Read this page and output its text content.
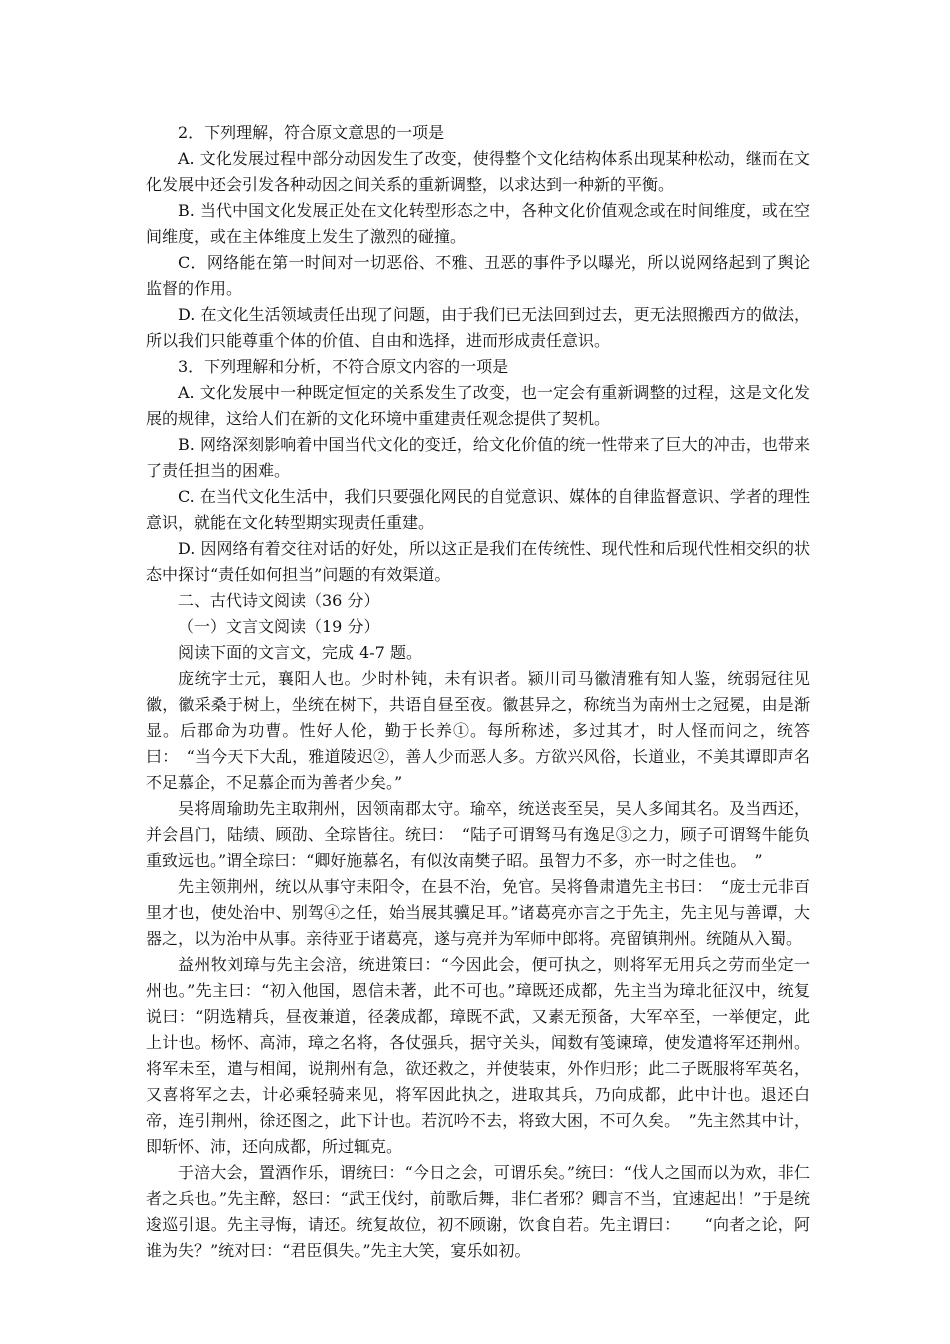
2．下列理解，符合原文意思的一项是

A. 文化发展过程中部分动因发生了改变，使得整个文化结构体系出现某种松动，继而在文化发展中还会引发各种动因之间关系的重新调整，以求达到一种新的平衡。

B. 当代中国文化发展正处在文化转型形态之中，各种文化价值观念或在时间维度，或在空间维度，或在主体维度上发生了激烈的碰撞。

C．网络能在第一时间对一切恶俗、不雅、丑恶的事件予以曝光，所以说网络起到了舆论监督的作用。

D. 在文化生活领域责任出现了问题，由于我们已无法回到过去，更无法照搬西方的做法，所以我们只能尊重个体的价值、自由和选择，进而形成责任意识。

3．下列理解和分析，不符合原文内容的一项是

A. 文化发展中一种既定恒定的关系发生了改变，也一定会有重新调整的过程，这是文化发展的规律，这给人们在新的文化环境中重建责任观念提供了契机。

B. 网络深刻影响着中国当代文化的变迁，给文化价值的统一性带来了巨大的冲击，也带来了责任担当的困难。

C. 在当代文化生活中，我们只要强化网民的自觉意识、媒体的自律监督意识、学者的理性意识，就能在文化转型期实现责任重建。

D. 因网络有着交往对话的好处，所以这正是我们在传统性、现代性和后现代性相交织的状态中探讨“责任如何担当”问题的有效渠道。

二、古代诗文阅读（36 分）

（一）文言文阅读（19 分）

阅读下面的文言文，完成 4-7 题。

庞统字士元，襄阳人也。少时朴钝，未有识者。颍川司马徽清雅有知人鉴，统弱冠往见徽，徽采桑于树上，坐统在树下，共语自昼至夜。徽甚异之，称统当为南州士之冠冕，由是渐显。后郡命为功曹。性好人伦，勤于长养①。每所称述，多过其才，时人怪而问之，统答曰：　“当今天下大乱，雅道陵迟②，善人少而恶人多。方欲兴风俗，长道业，不美其谭即声名不足慕企，不足慕企而为善者少矣。”

吴将周瑜助先主取荆州，因领南郡太守。瑜卒，统送丧至吴，吴人多闻其名。及当西还，并会昌门，陆绩、顾劭、全琮皆往。统曰：　“陆子可谓驽马有逸足③之力，顾子可谓驽牛能负重致远也。”谓全琮曰：“卿好施慕名，有似汝南樊子昭。虽智力不多，亦一时之佳也。　”

先主领荆州，统以从事守耒阳令，在县不治，免官。吴将鲁肃遣先主书曰：　“庞士元非百里才也，使处治中、别驾④之任，始当展其骥足耳。”诸葛亮亦言之于先主，先主见与善谭，大器之，以为治中从事。亲待亚于诸葛亮，遂与亮并为军师中郎将。亮留镇荆州。统随从入蜀。

益州牧刘璋与先主会涪，统进策曰：“今因此会，便可执之，则将军无用兵之劳而坐定一州也。”先主曰：“初入他国，恩信未著，此不可也。”璋既还成都，先主当为璋北征汉中，统复说曰：“阴选精兵，昼夜兼道，径袭成都，璋既不武，又素无预备，大军卒至，一举便定，此上计也。杨怀、高沛，璋之名将，各仗强兵，据守关头，闻数有笺谏璋，使发遣将军还荆州。将军未至，遣与相闻，说荆州有急，欲还救之，并使装束，外作归形；此二子既服将军英名，又喜将军之去，计必乘轻骑来见，将军因此执之，进取其兵，乃向成都，此中计也。退还白帝，连引荆州，徐还图之，此下计也。若沉吟不去，将致大困，不可久矣。　”先主然其中计，即斩怀、沛，还向成都，所过辄克。

于涪大会，置酒作乐，谓统曰：“今日之会，可谓乐矣。”统曰：“伐人之国而以为欢，非仁者之兵也。”先主醉，怒曰：“武王伐纣，前歌后舞，非仁者邪？卿言不当，宜速起出！”于是统逡巡引退。先主寻悔，请还。统复故位，初不顾谢，饮食自若。先主谓曰：　　“向者之论，阿谁为失？”统对曰：“君臣俱失。”先主大笑，宴乐如初。
